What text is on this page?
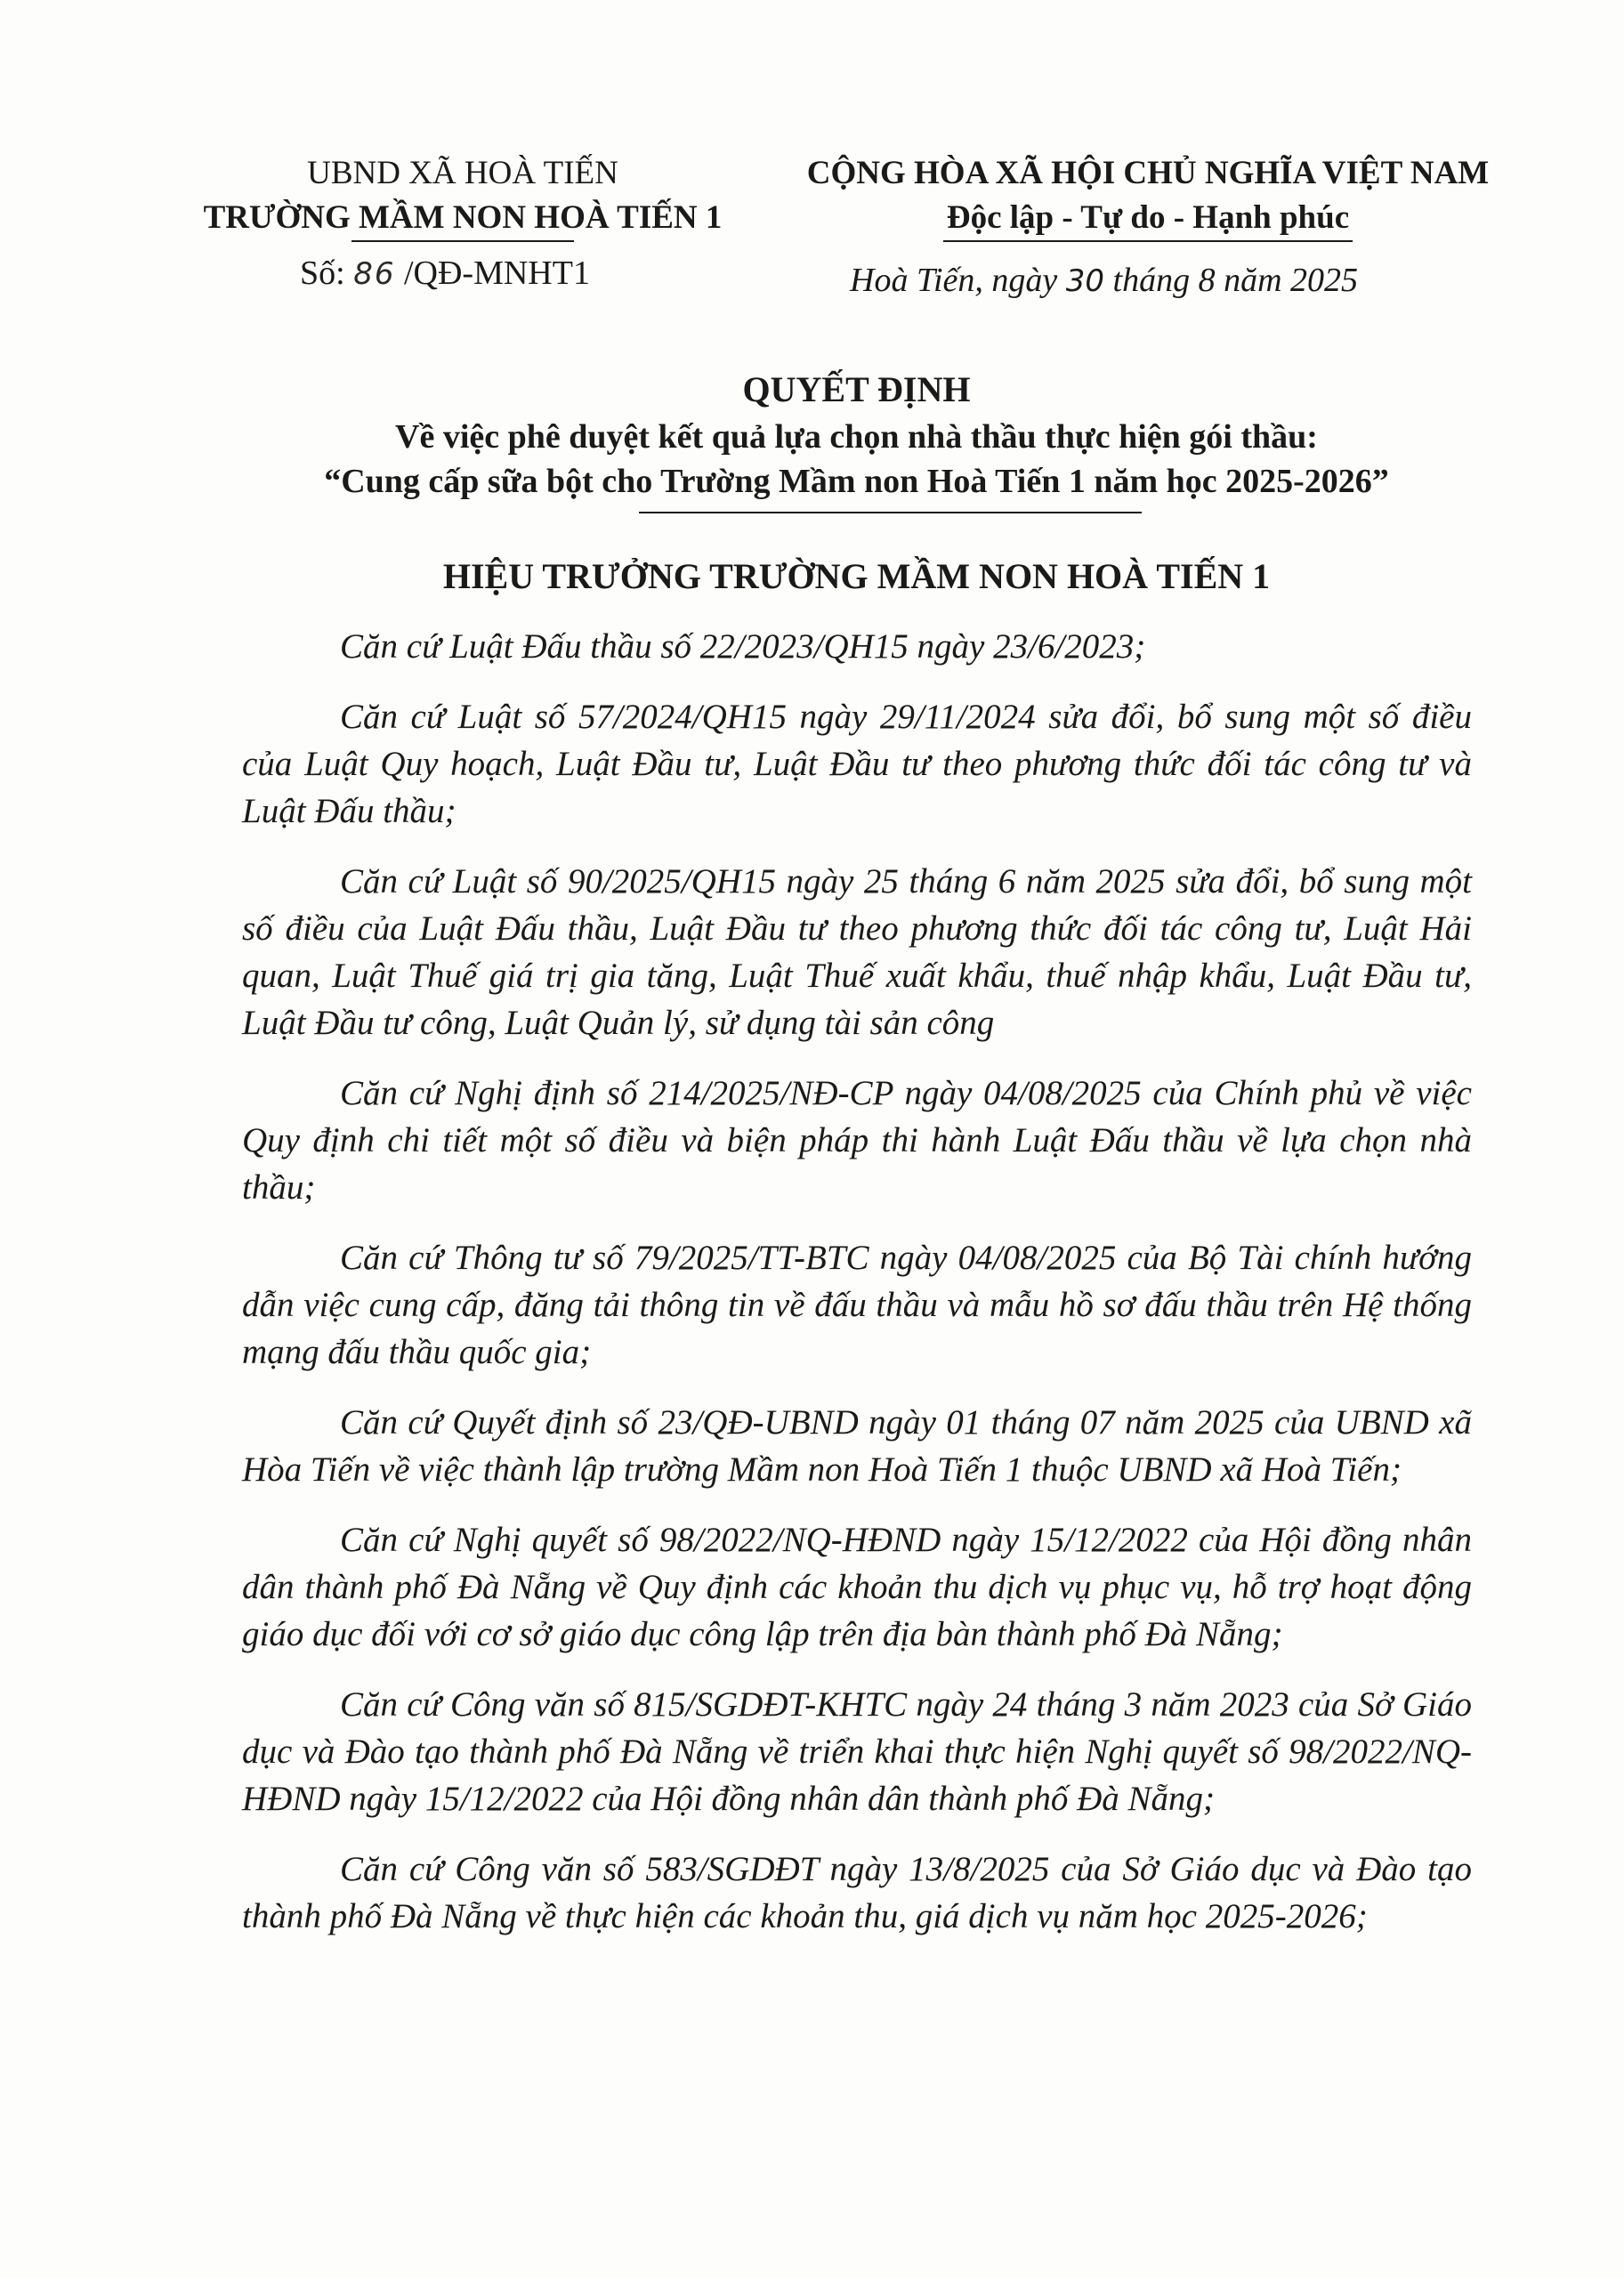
UBND XÃ HOÀ TIẾN
TRƯỜNG MẦM NON HOÀ TIẾN 1
Số: 86 /QĐ-MNHT1
CỘNG HÒA XÃ HỘI CHỦ NGHĨA VIỆT NAM
Độc lập - Tự do - Hạnh phúc
Hoà Tiến, ngày 30 tháng 8 năm 2025
QUYẾT ĐỊNH
Về việc phê duyệt kết quả lựa chọn nhà thầu thực hiện gói thầu:
“Cung cấp sữa bột cho Trường Mầm non Hoà Tiến 1 năm học 2025-2026”
HIỆU TRƯỞNG TRƯỜNG MẦM NON HOÀ TIẾN 1

Căn cứ Luật Đấu thầu số 22/2023/QH15 ngày 23/6/2023;

Căn cứ Luật số 57/2024/QH15 ngày 29/11/2024 sửa đổi, bổ sung một số điều của Luật Quy hoạch, Luật Đầu tư, Luật Đầu tư theo phương thức đối tác công tư và Luật Đấu thầu;

Căn cứ Luật số 90/2025/QH15 ngày 25 tháng 6 năm 2025 sửa đổi, bổ sung một số điều của Luật Đấu thầu, Luật Đầu tư theo phương thức đối tác công tư, Luật Hải quan, Luật Thuế giá trị gia tăng, Luật Thuế xuất khẩu, thuế nhập khẩu, Luật Đầu tư, Luật Đầu tư công, Luật Quản lý, sử dụng tài sản công

Căn cứ Nghị định số 214/2025/NĐ-CP ngày 04/08/2025 của Chính phủ về việc Quy định chi tiết một số điều và biện pháp thi hành Luật Đấu thầu về lựa chọn nhà thầu;

Căn cứ Thông tư số 79/2025/TT-BTC ngày 04/08/2025 của Bộ Tài chính hướng dẫn việc cung cấp, đăng tải thông tin về đấu thầu và mẫu hồ sơ đấu thầu trên Hệ thống mạng đấu thầu quốc gia;

Căn cứ Quyết định số 23/QĐ-UBND ngày 01 tháng 07 năm 2025 của UBND xã Hòa Tiến về việc thành lập trường Mầm non Hoà Tiến 1 thuộc UBND xã Hoà Tiến;

Căn cứ Nghị quyết số 98/2022/NQ-HĐND ngày 15/12/2022 của Hội đồng nhân dân thành phố Đà Nẵng về Quy định các khoản thu dịch vụ phục vụ, hỗ trợ hoạt động giáo dục đối với cơ sở giáo dục công lập trên địa bàn thành phố Đà Nẵng;

Căn cứ Công văn số 815/SGDĐT-KHTC ngày 24 tháng 3 năm 2023 của Sở Giáo dục và Đào tạo thành phố Đà Nẵng về triển khai thực hiện Nghị quyết số 98/2022/NQ-HĐND ngày 15/12/2022 của Hội đồng nhân dân thành phố Đà Nẵng;

Căn cứ Công văn số 583/SGDĐT ngày 13/8/2025 của Sở Giáo dục và Đào tạo thành phố Đà Nẵng về thực hiện các khoản thu, giá dịch vụ năm học 2025-2026;
